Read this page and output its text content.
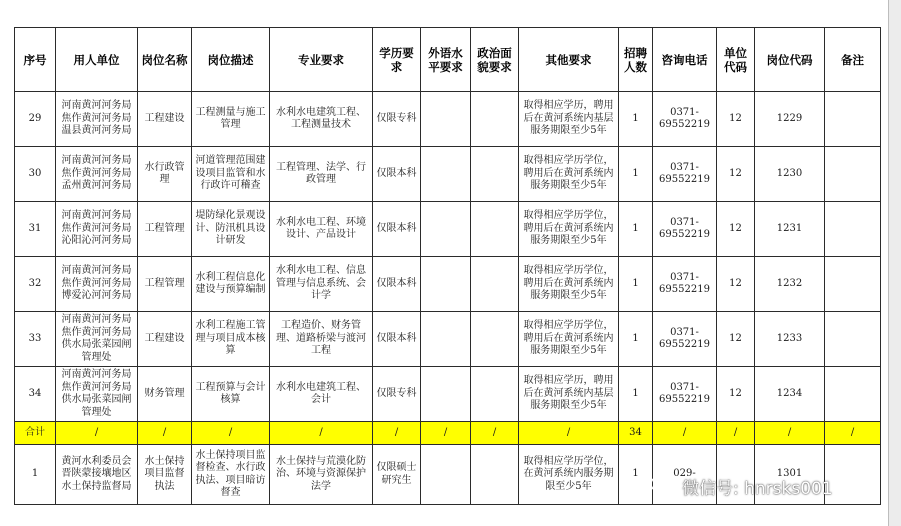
序号	用人单位	岗位名称	岗位描述	专业要求	学历要求	外语水平要求	政治面貌要求	其他要求	招聘人数	咨询电话	单位代码	岗位代码	备注
29	河南黄河河务局焦作黄河河务局温县黄河河务局	工程建设	工程测量与施工管理	水利水电建筑工程、工程测量技术	仅限专科			取得相应学历，聘用后在黄河系统内基层服务期限至少5年	1	0371-69552219	12	1229	
30	河南黄河河务局焦作黄河河务局孟州黄河河务局	水行政管理	河道管理范围建设项目监管和水行政许可稽查	工程管理、法学、行政管理	仅限本科			取得相应学历学位，聘用后在黄河系统内服务期限至少5年	1	0371-69552219	12	1230	
31	河南黄河河务局焦作黄河河务局沁阳沁河河务局	工程管理	堤防绿化景观设计、防汛机具设计研发	水利水电工程、环境设计、产品设计	仅限本科			取得相应学历学位，聘用后在黄河系统内服务期限至少5年	1	0371-69552219	12	1231	
32	河南黄河河务局焦作黄河河务局博爱沁河河务局	工程管理	水利工程信息化建设与预算编制	水利水电工程、信息管理与信息系统、会计学	仅限本科			取得相应学历学位，聘用后在黄河系统内服务期限至少5年	1	0371-69552219	12	1232	
33	河南黄河河务局焦作黄河河务局供水局张菜园闸管理处	工程建设	水利工程施工管理与项目成本核算	工程造价、财务管理、道路桥梁与渡河工程	仅限本科			取得相应学历学位，聘用后在黄河系统内服务期限至少5年	1	0371-69552219	12	1233	
34	河南黄河河务局焦作黄河河务局供水局张菜园闸管理处	财务管理	工程预算与会计核算	水利水电建筑工程、会计	仅限专科			取得相应学历，聘用后在黄河系统内基层服务期限至少5年	1	0371-69552219	12	1234	
合计	/	/	/	/	/	/	/	/	34	/	/	/	/
1	黄河水利委员会晋陕蒙接壤地区水土保持监督局	水土保持项目监督执法	水土保持项目监督检查、水行政执法、项目暗访督查	水土保持与荒漠化防治、环境与资源保护法学	仅限硕士研究生			取得相应学历学位，在黄河系统内服务期限至少5年	1	029-		1301	
微信号: hnrsks001
